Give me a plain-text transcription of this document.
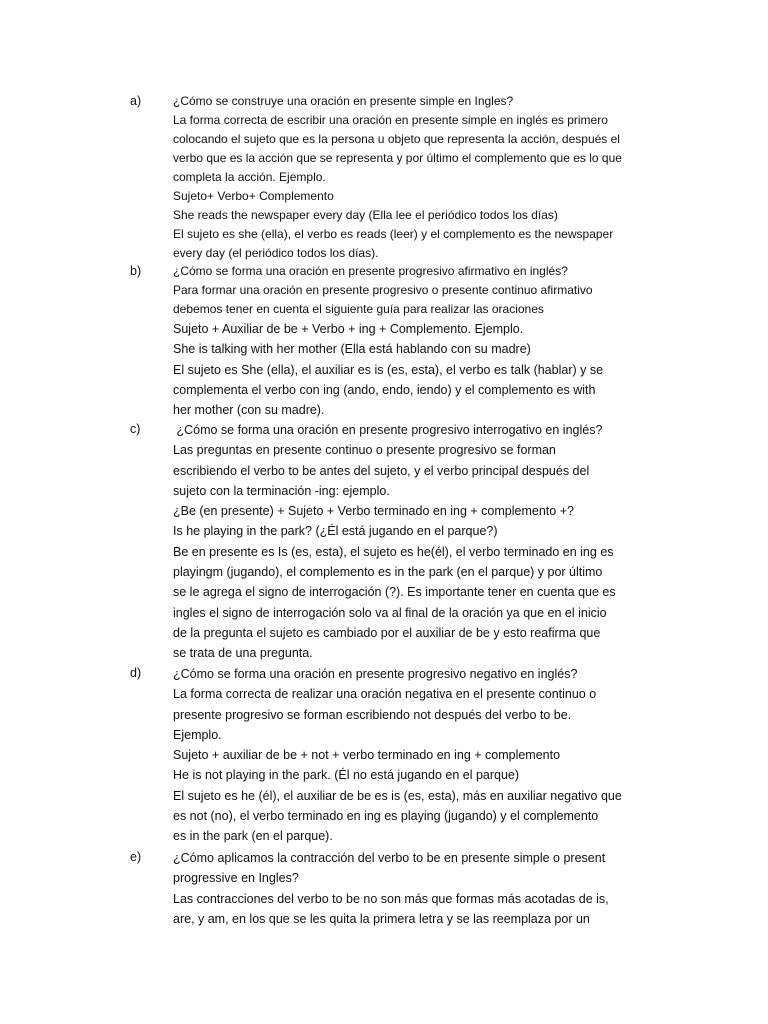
a)	¿Cómo se construye una oración en presente simple en Ingles?
La forma correcta de escribir una oración en presente simple en inglés es primero
colocando el sujeto que es la persona u objeto que representa la acción, después el
verbo que es la acción que se representa y por último el complemento que es lo que
completa la acción. Ejemplo.
Sujeto+ Verbo+ Complemento
She reads the newspaper every day (Ella lee el periódico todos los días)
El sujeto es she (ella), el verbo es reads (leer) y el complemento es the newspaper
every day (el periódico todos los días).
b)	¿Cómo se forma una oración en presente progresivo afirmativo en inglés?
Para formar una oración en presente progresivo o presente continuo afirmativo
debemos tener en cuenta el siguiente guía para realizar las oraciones
Sujeto + Auxiliar de be + Verbo + ing + Complemento. Ejemplo.
She is talking with her mother (Ella está hablando con su madre)
El sujeto es She (ella), el auxiliar es is (es, esta), el verbo es talk (hablar) y se
complementa el verbo con ing (ando, endo, iendo) y el complemento es with
her mother (con su madre).
c)	¿Cómo se forma una oración en presente progresivo interrogativo en inglés?
Las preguntas en presente continuo o presente progresivo se forman
escribiendo el verbo to be antes del sujeto, y el verbo principal después del
sujeto con la terminación -ing: ejemplo.
¿Be (en presente) + Sujeto + Verbo terminado en ing + complemento +?
Is he playing in the park? (¿Él está jugando en el parque?)
Be en presente es Is (es, esta), el sujeto es he(él), el verbo terminado en ing es
playingm (jugando), el complemento es in the park (en el parque) y por último
se le agrega el signo de interrogación (?). Es importante tener en cuenta que es
ingles el signo de interrogación solo va al final de la oración ya que en el inicio
de la pregunta el sujeto es cambiado por el auxiliar de be y esto reafirma que
se trata de una pregunta.
d)	¿Cómo se forma una oración en presente progresivo negativo en inglés?
La forma correcta de realizar una oración negativa en el presente continuo o
presente progresivo se forman escribiendo not después del verbo to be.
Ejemplo.
Sujeto + auxiliar de be + not + verbo terminado en ing + complemento
He is not playing in the park. (Él no está jugando en el parque)
El sujeto es he (él), el auxiliar de be es is (es, esta), más en auxiliar negativo que
es not (no), el verbo terminado en ing es playing (jugando) y el complemento
es in the park (en el parque).
e)	¿Cómo aplicamos la contracción del verbo to be en presente simple o present
progressive en Ingles?
Las contracciones del verbo to be no son más que formas más acotadas de is,
are, y am, en los que se les quita la primera letra y se las reemplaza por un
